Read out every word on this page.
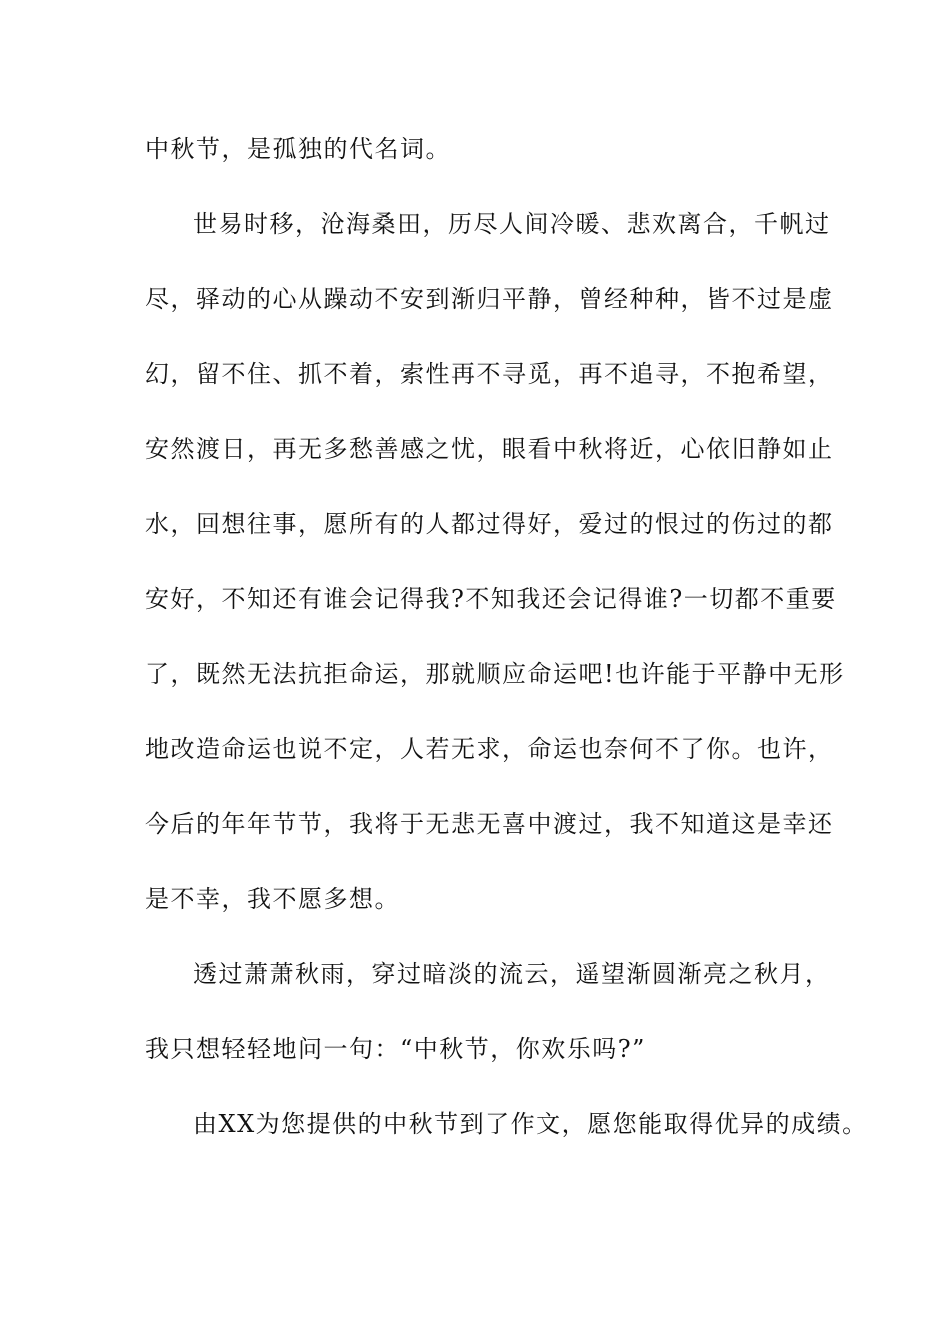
中秋节，是孤独的代名词。
世易时移，沧海桑田，历尽人间冷暖、悲欢离合，千帆过
尽，驿动的心从躁动不安到渐归平静，曾经种种，皆不过是虚
幻，留不住、抓不着，索性再不寻觅，再不追寻，不抱希望，
安然渡日，再无多愁善感之忧，眼看中秋将近，心依旧静如止
水，回想往事，愿所有的人都过得好，爱过的恨过的伤过的都
安好，不知还有谁会记得我?不知我还会记得谁?一切都不重要
了，既然无法抗拒命运，那就顺应命运吧!也许能于平静中无形
地改造命运也说不定，人若无求，命运也奈何不了你。也许，
今后的年年节节，我将于无悲无喜中渡过，我不知道这是幸还
是不幸，我不愿多想。
透过萧萧秋雨，穿过暗淡的流云，遥望渐圆渐亮之秋月，
我只想轻轻地问一句：“中秋节，你欢乐吗?”
由XX为您提供的中秋节到了作文，愿您能取得优异的成绩。
